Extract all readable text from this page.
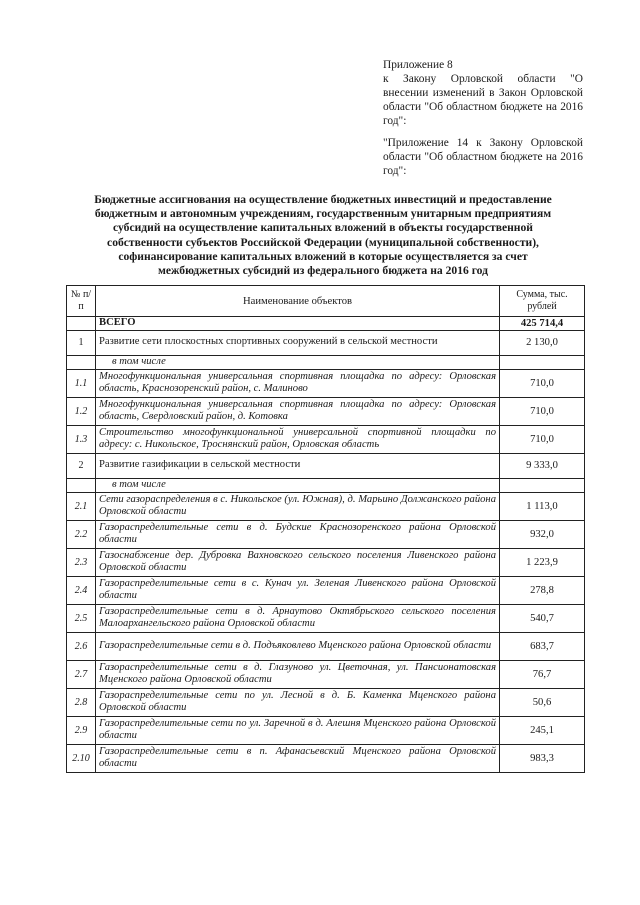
Приложение 8

к Закону Орловской области "О внесении изменений в Закон Орловской области "Об областном бюджете на 2016 год":

"Приложение 14 к Закону Орловской области "Об областном бюджете на 2016 год":

Бюджетные ассигнования на осуществление бюджетных инвестиций и предоставление
бюджетным и автономным учреждениям, государственным унитарным предприятиям
субсидий на осуществление капитальных вложений в объекты государственной
собственности субъектов Российской Федерации (муниципальной собственности),
софинансирование капитальных вложений в которые осуществляется за счет
межбюджетных субсидий из федерального бюджета на 2016 год
№ п/п	Наименование объектов	Сумма, тыс. рублей
	ВСЕГО	425 714,4
1	Развитие сети плоскостных спортивных сооружений в сельской местности	2 130,0
	в том числе	
1.1	Многофункциональная универсальная спортивная площадка по адресу: Орловская область, Краснозоренский район, с. Малиново	710,0
1.2	Многофункциональная универсальная спортивная площадка по адресу: Орловская область, Свердловский район, д. Котовка	710,0
1.3	Строительство многофункциональной универсальной спортивной площадки по адресу: с. Никольское, Троснянский район, Орловская область	710,0
2	Развитие газификации в сельской местности	9 333,0
	в том числе	
2.1	Сети газораспределения в с. Никольское (ул. Южная), д. Марьино Должанского района Орловской области	1 113,0
2.2	Газораспределительные сети в д. Будские Краснозоренского района Орловской области	932,0
2.3	Газоснабжение дер. Дубровка Вахновского сельского поселения Ливенского района Орловской области	1 223,9
2.4	Газораспределительные сети в с. Кунач ул. Зеленая Ливенского района Орловской области	278,8
2.5	Газораспределительные сети в д. Арнаутово Октябрьского сельского поселения Малоархангельского района Орловской области	540,7
2.6	Газораспределительные сети в д. Подъяковлево Мценского района Орловской области	683,7
2.7	Газораспределительные сети в д. Глазуново ул. Цветочная, ул. Пансионатовская Мценского района Орловской области	76,7
2.8	Газораспределительные сети по ул. Лесной в д. Б. Каменка Мценского района Орловской области	50,6
2.9	Газораспределительные сети по ул. Заречной в д. Алешня Мценского района Орловской области	245,1
2.10	Газораспределительные сети в п. Афанасьевский Мценского района Орловской области	983,3
